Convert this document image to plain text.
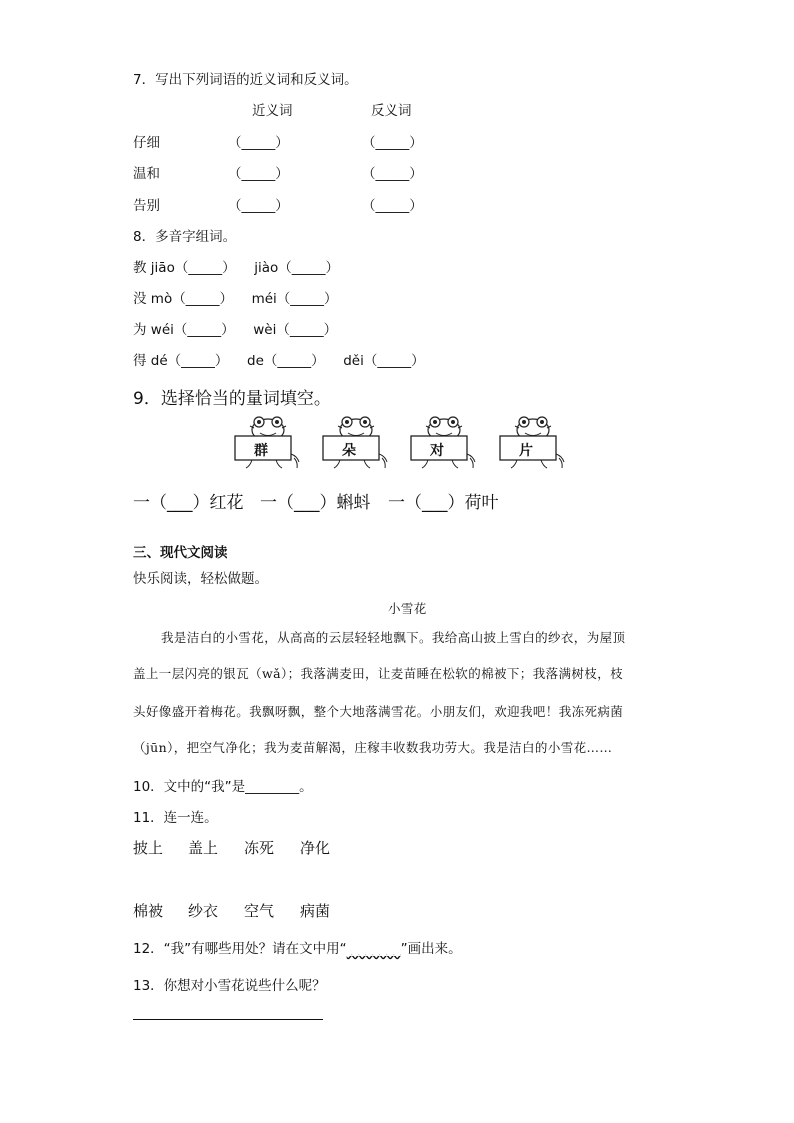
7．写出下列词语的近义词和反义词。
近义词	反义词
仔细	（_____）	（_____）
温和	（_____）	（_____）
告别	（_____）	（_____）
8．多音字组词。
教 jiāo（_____） jiào（_____）
没 mò（_____） méi（_____）
为 wéi（_____） wèi（_____）
得 dé（_____） de（_____） děi（_____）
9．选择恰当的量词填空。
群	朵	对	片
一（___）红花 一（___）蝌蚪 一（___）荷叶
三、现代文阅读
快乐阅读，轻松做题。
小雪花
我是洁白的小雪花，从高高的云层轻轻地飘下。我给高山披上雪白的纱衣，为屋顶
盖上一层闪亮的银瓦（wǎ）；我落满麦田，让麦苗睡在松软的棉被下；我落满树枝，枝
头好像盛开着梅花。我飘呀飘，整个大地落满雪花。小朋友们，欢迎我吧！我冻死病菌
（jūn），把空气净化；我为麦苗解渴，庄稼丰收数我功劳大。我是洁白的小雪花……
10．文中的“我”是________。
11．连一连。
披上 盖上 冻死 净化
棉被 纱衣 空气 病菌
12．“我”有哪些用处？请在文中用“________”画出来。
13．你想对小雪花说些什么呢？
